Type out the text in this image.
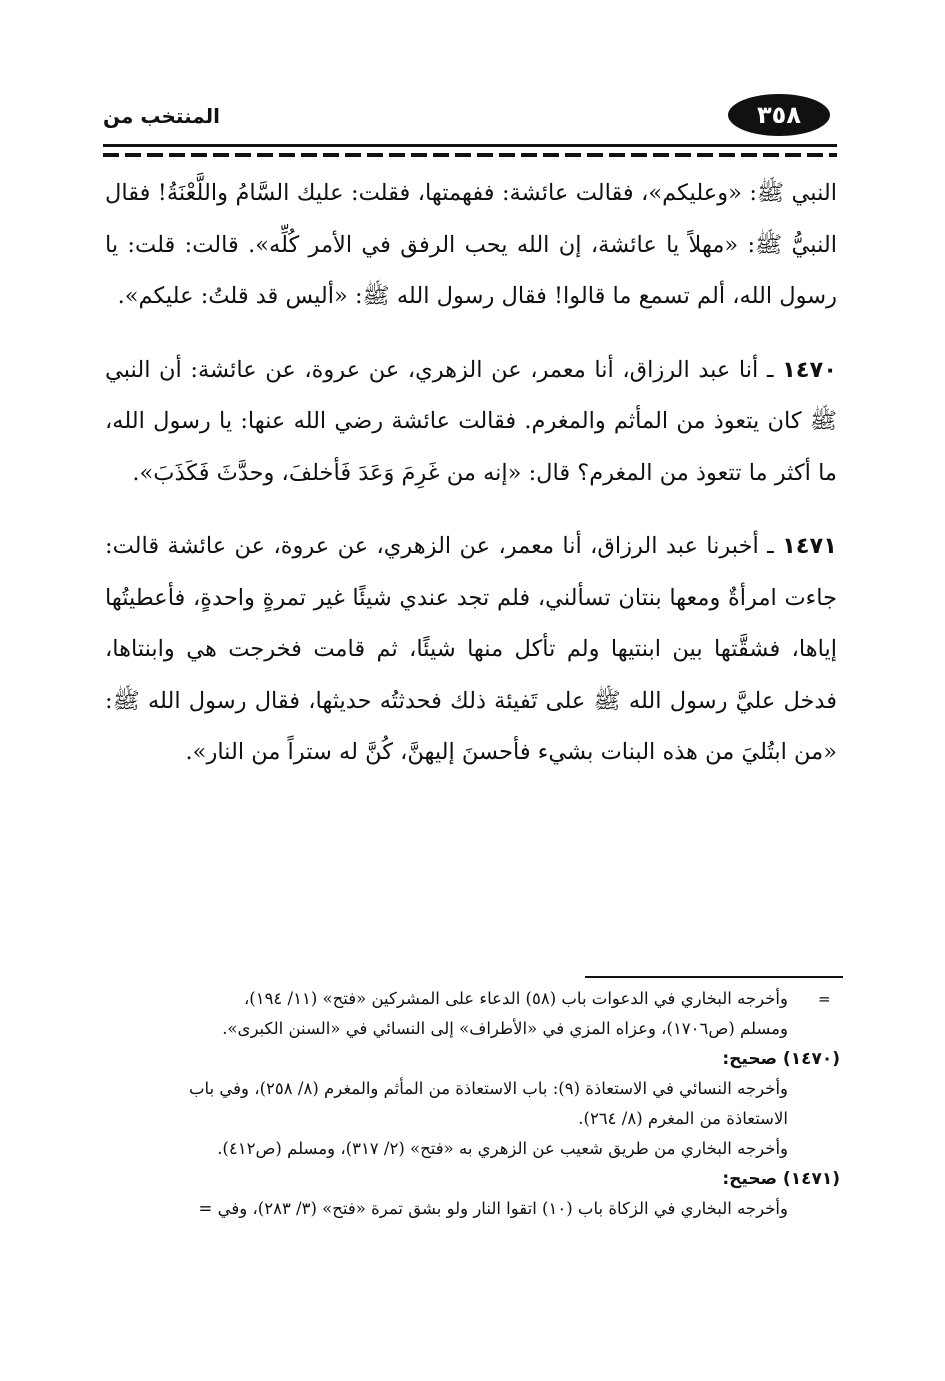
٣٥٨
المنتخب من

النبي ﷺ: «وعليكم»، فقالت عائشة: ففهمتها، فقلت: عليك السَّامُ واللَّعْنَةُ! فقال النبيُّ ﷺ: «مهلاً يا عائشة، إن الله يحب الرفق في الأمر كُلِّه». قالت: قلت: يا رسول الله، ألم تسمع ما قالوا! فقال رسول الله ﷺ: «أليس قد قلتُ: عليكم».

١٤٧٠ ـ أنا عبد الرزاق، أنا معمر، عن الزهري، عن عروة، عن عائشة: أن النبي ﷺ كان يتعوذ من المأثم والمغرم. فقالت عائشة رضي الله عنها: يا رسول الله، ما أكثر ما تتعوذ من المغرم؟ قال: «إنه من غَرِمَ وَعَدَ فَأخلفَ، وحدَّثَ فَكَذَبَ».

١٤٧١ ـ أخبرنا عبد الرزاق، أنا معمر، عن الزهري، عن عروة، عن عائشة قالت: جاءت امرأةٌ ومعها بنتان تسألني، فلم تجد عندي شيئًا غير تمرةٍ واحدةٍ، فأعطيتُها إياها، فشقَّتها بين ابنتيها ولم تأكل منها شيئًا، ثم قامت فخرجت هي وابنتاها، فدخل عليَّ رسول الله ﷺ على تَفيئة ذلك فحدثتُه حديثها، فقال رسول الله ﷺ: «من ابتُليَ من هذه البنات بشيء فأحسنَ إليهنَّ، كُنَّ له ستراً من النار».

=

وأخرجه البخاري في الدعوات باب (٥٨) الدعاء على المشركين «فتح» (١١/ ١٩٤)،

ومسلم (ص١٧٠٦)، وعزاه المزي في «الأطراف» إلى النسائي في «السنن الكبرى».

(١٤٧٠) صحيح:

وأخرجه النسائي في الاستعاذة (٩): باب الاستعاذة من المأثم والمغرم (٨/ ٢٥٨)، وفي باب

الاستعاذة من المغرم (٨/ ٢٦٤).

وأخرجه البخاري من طريق شعيب عن الزهري به «فتح» (٢/ ٣١٧)، ومسلم (ص٤١٢).

(١٤٧١) صحيح:

وأخرجه البخاري في الزكاة باب (١٠) اتقوا النار ولو بشق تمرة «فتح» (٣/ ٢٨٣)، وفي =
